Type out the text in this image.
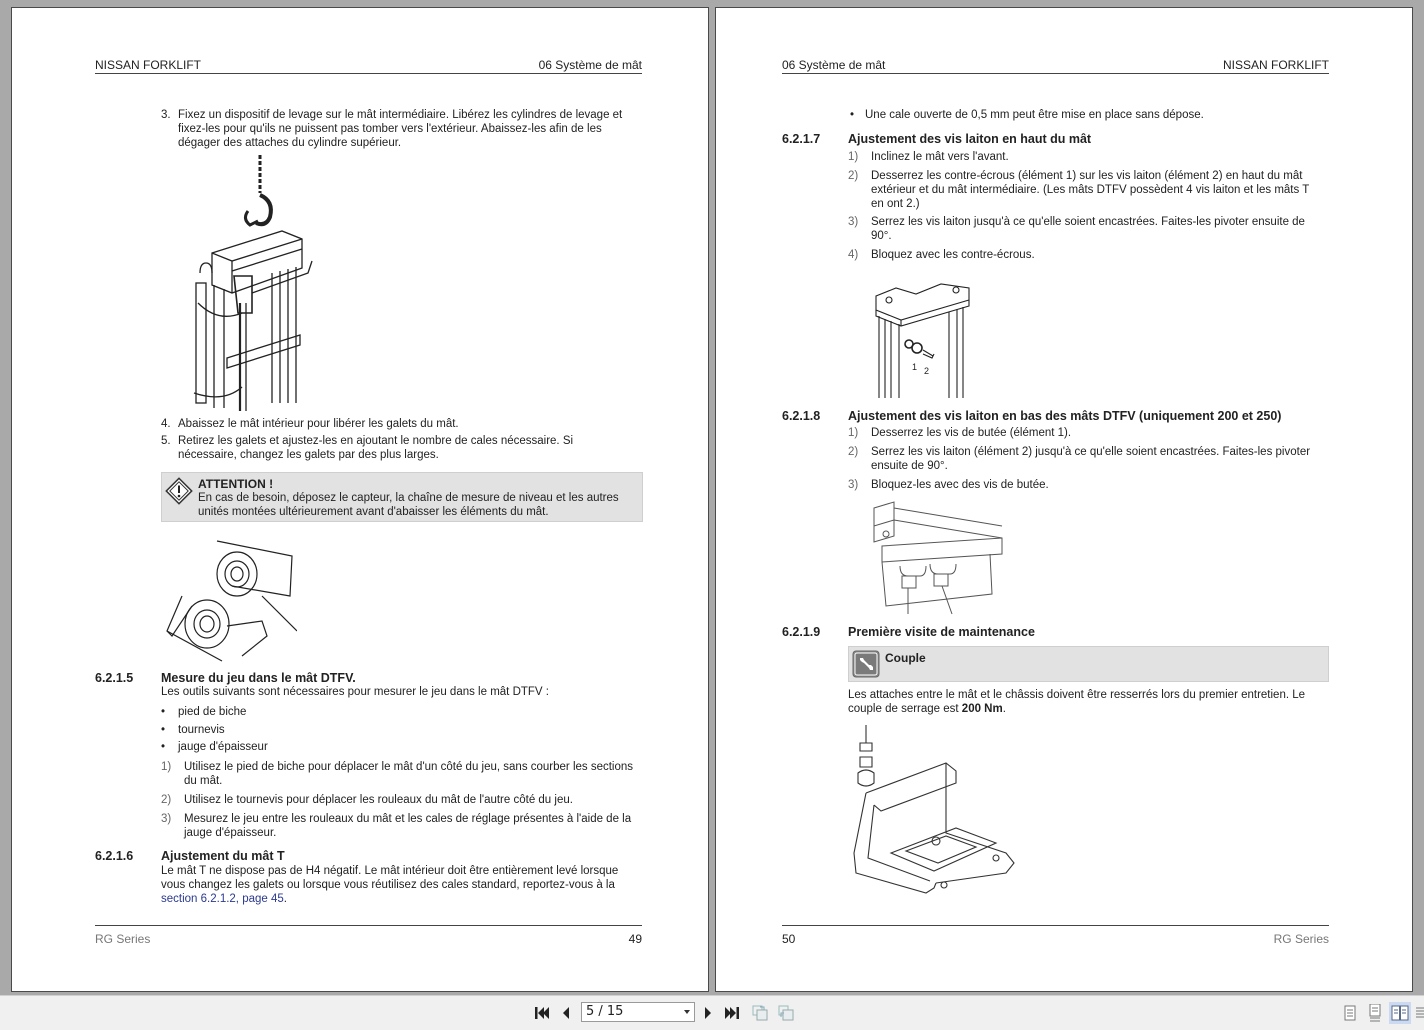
NISSAN FORKLIFT	06 Système de mât
3. Fixez un dispositif de levage sur le mât intermédiaire. Libérez les cylindres de levage et
fixez-les pour qu'ils ne puissent pas tomber vers l'extérieur. Abaissez-les afin de les
dégager des attaches du cylindre supérieur.
4. Abaissez le mât intérieur pour libérer les galets du mât.
5. Retirez les galets et ajustez-les en ajoutant le nombre de cales nécessaire. Si
nécessaire, changez les galets par des plus larges.
ATTENTION !
En cas de besoin, déposez le capteur, la chaîne de mesure de niveau et les autres
unités montées ultérieurement avant d'abaisser les éléments du mât.
6.2.1.5 Mesure du jeu dans le mât DTFV.
Les outils suivants sont nécessaires pour mesurer le jeu dans le mât DTFV :
• pied de biche
• tournevis
• jauge d'épaisseur
1) Utilisez le pied de biche pour déplacer le mât d'un côté du jeu, sans courber les sections
du mât.
2) Utilisez le tournevis pour déplacer les rouleaux du mât de l'autre côté du jeu.
3) Mesurez le jeu entre les rouleaux du mât et les cales de réglage présentes à l'aide de la
jauge d'épaisseur.
6.2.1.6 Ajustement du mât T
Le mât T ne dispose pas de H4 négatif. Le mât intérieur doit être entièrement levé lorsque
vous changez les galets ou lorsque vous réutilisez des cales standard, reportez-vous à la
section 6.2.1.2, page 45.
RG Series	49
06 Système de mât	NISSAN FORKLIFT
• Une cale ouverte de 0,5 mm peut être mise en place sans dépose.
6.2.1.7 Ajustement des vis laiton en haut du mât
1) Inclinez le mât vers l'avant.
2) Desserrez les contre-écrous (élément 1) sur les vis laiton (élément 2) en haut du mât
extérieur et du mât intermédiaire. (Les mâts DTFV possèdent 4 vis laiton et les mâts T
en ont 2.)
3) Serrez les vis laiton jusqu'à ce qu'elle soient encastrées. Faites-les pivoter ensuite de
90°.
4) Bloquez avec les contre-écrous.
1 2
6.2.1.8 Ajustement des vis laiton en bas des mâts DTFV (uniquement 200 et 250)
1) Desserrez les vis de butée (élément 1).
2) Serrez les vis laiton (élément 2) jusqu'à ce qu'elle soient encastrées. Faites-les pivoter
ensuite de 90°.
3) Bloquez-les avec des vis de butée.
6.2.1.9 Première visite de maintenance
Couple
Les attaches entre le mât et le châssis doivent être resserrés lors du premier entretien. Le
couple de serrage est 200 Nm.
50	RG Series
5 / 15
